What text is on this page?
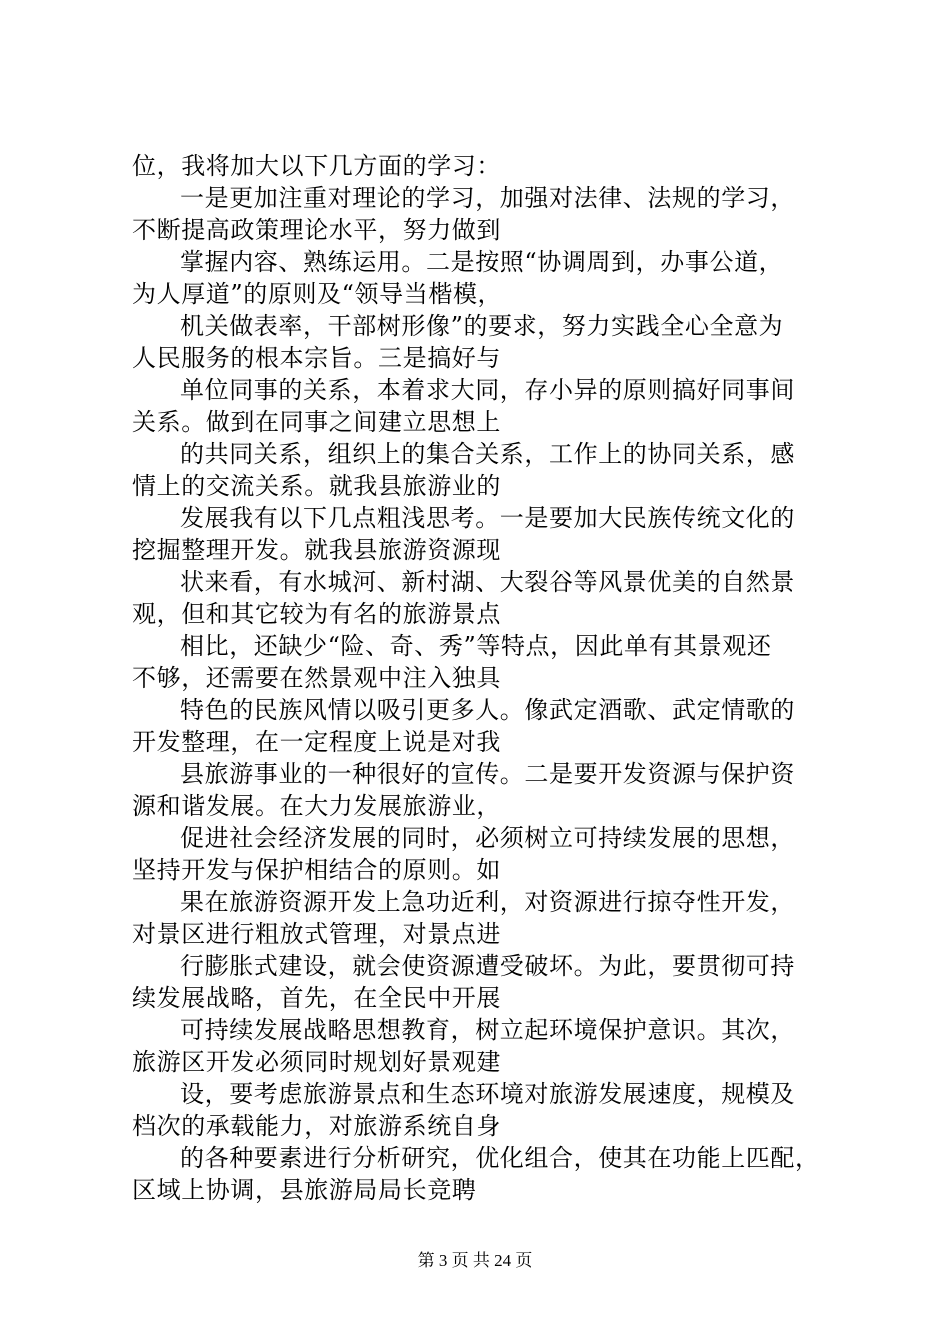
位，我将加大以下几方面的学习：
一是更加注重对理论的学习，加强对法律、法规的学习，
不断提高政策理论水平，努力做到
掌握内容、熟练运用。二是按照“协调周到，办事公道，
为人厚道”的原则及“领导当楷模，
机关做表率，干部树形像”的要求，努力实践全心全意为
人民服务的根本宗旨。三是搞好与
单位同事的关系，本着求大同，存小异的原则搞好同事间
关系。做到在同事之间建立思想上
的共同关系，组织上的集合关系，工作上的协同关系，感
情上的交流关系。就我县旅游业的
发展我有以下几点粗浅思考。一是要加大民族传统文化的
挖掘整理开发。就我县旅游资源现
状来看，有水城河、新村湖、大裂谷等风景优美的自然景
观，但和其它较为有名的旅游景点
相比，还缺少“险、奇、秀”等特点，因此单有其景观还
不够，还需要在然景观中注入独具
特色的民族风情以吸引更多人。像武定酒歌、武定情歌的
开发整理，在一定程度上说是对我
县旅游事业的一种很好的宣传。二是要开发资源与保护资
源和谐发展。在大力发展旅游业，
促进社会经济发展的同时，必须树立可持续发展的思想，
坚持开发与保护相结合的原则。如
果在旅游资源开发上急功近利，对资源进行掠夺性开发，
对景区进行粗放式管理，对景点进
行膨胀式建设，就会使资源遭受破坏。为此，要贯彻可持
续发展战略，首先，在全民中开展
可持续发展战略思想教育，树立起环境保护意识。其次，
旅游区开发必须同时规划好景观建
设，要考虑旅游景点和生态环境对旅游发展速度，规模及
档次的承载能力，对旅游系统自身
的各种要素进行分析研究，优化组合，使其在功能上匹配，
区域上协调，县旅游局局长竞聘
第 3 页 共 24 页
